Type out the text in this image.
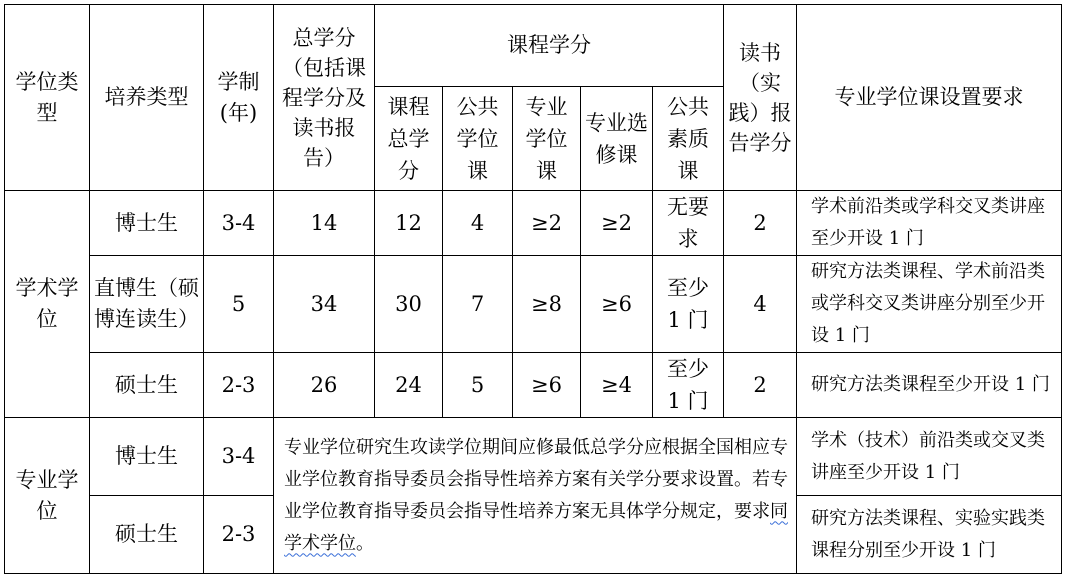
学位类型	培养类型	学制(年)	总学分（包括课程学分及读书报告）	课程学分					读书（实践）报告学分	专业学位课设置要求
				课程总学分	公共学位课	专业学位课	专业选修课	公共素质课		
学术学位	博士生	3-4	14	12	4	≥2	≥2	无要求	2	学术前沿类或学科交叉类讲座至少开设 1 门
	直博生（硕博连读生）	5	34	30	7	≥8	≥6	至少 1 门	4	研究方法类课程、学术前沿类或学科交叉类讲座分别至少开设 1 门
	硕士生	2-3	26	24	5	≥6	≥4	至少 1 门	2	研究方法类课程至少开设 1 门
专业学位	博士生	3-4	专业学位研究生攻读学位期间应修最低总学分应根据全国相应专业学位教育指导委员会指导性培养方案有关学分要求设置。若专业学位教育指导委员会指导性培养方案无具体学分规定，要求同学术学位。							学术（技术）前沿类或交叉类讲座至少开设 1 门
	硕士生	2-3								研究方法类课程、实验实践类课程分别至少开设 1 门
